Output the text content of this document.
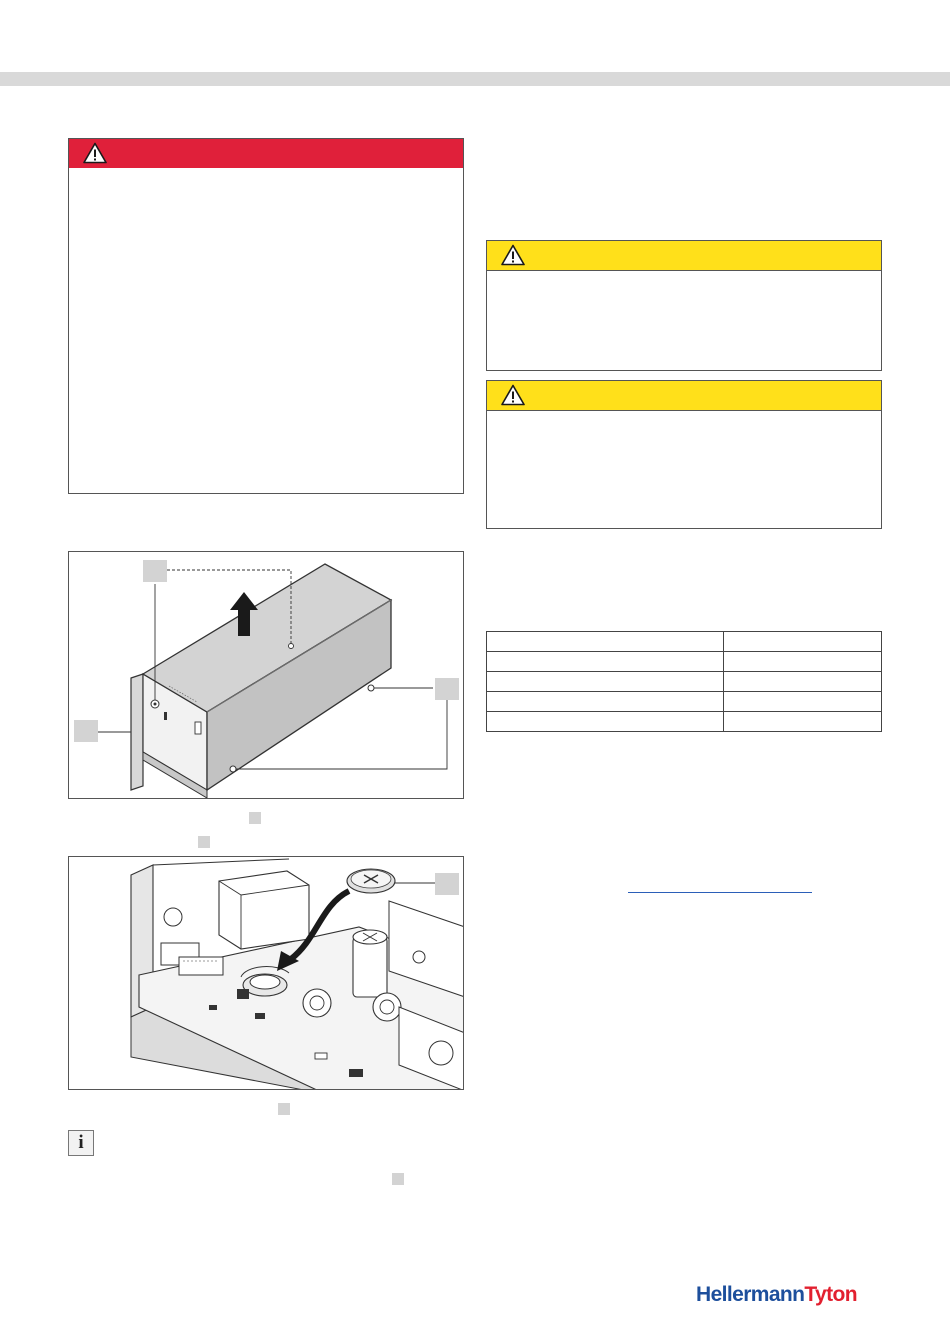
i

HellermannTyton
